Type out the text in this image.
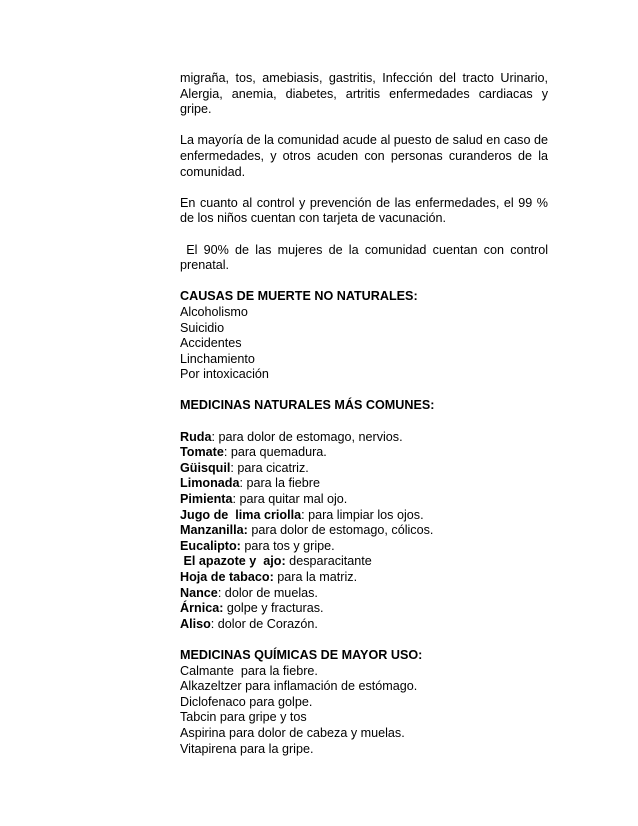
migraña, tos, amebiasis, gastritis, Infección del tracto Urinario, Alergia, anemia, diabetes, artritis enfermedades cardiacas y gripe.

La mayoría de la comunidad acude al puesto de salud en caso de enfermedades, y otros acuden con personas curanderos de la comunidad.

En cuanto al control y prevención de las enfermedades, el 99 % de los niños cuentan con tarjeta de vacunación.

El 90% de las mujeres de la comunidad cuentan con control prenatal.

CAUSAS DE MUERTE NO NATURALES:
Alcoholismo
Suicidio
Accidentes
Linchamiento
Por intoxicación
MEDICINAS NATURALES MÁS COMUNES:
Ruda: para dolor de estomago, nervios.
Tomate: para quemadura.
Güisquil: para cicatriz.
Limonada: para la fiebre
Pimienta: para quitar mal ojo.
Jugo de  lima criolla: para limpiar los ojos.
Manzanilla: para dolor de estomago, cólicos.
Eucalipto: para tos y gripe.
El apazote y  ajo: desparacitante
Hoja de tabaco: para la matriz.
Nance: dolor de muelas.
Árnica: golpe y fracturas.
Aliso: dolor de Corazón.
MEDICINAS QUÍMICAS DE MAYOR USO:
Calmante  para la fiebre.
Alkazeltzer para inflamación de estómago.
Diclofenaco para golpe.
Tabcin para gripe y tos
Aspirina para dolor de cabeza y muelas.
Vitapirena para la gripe.
